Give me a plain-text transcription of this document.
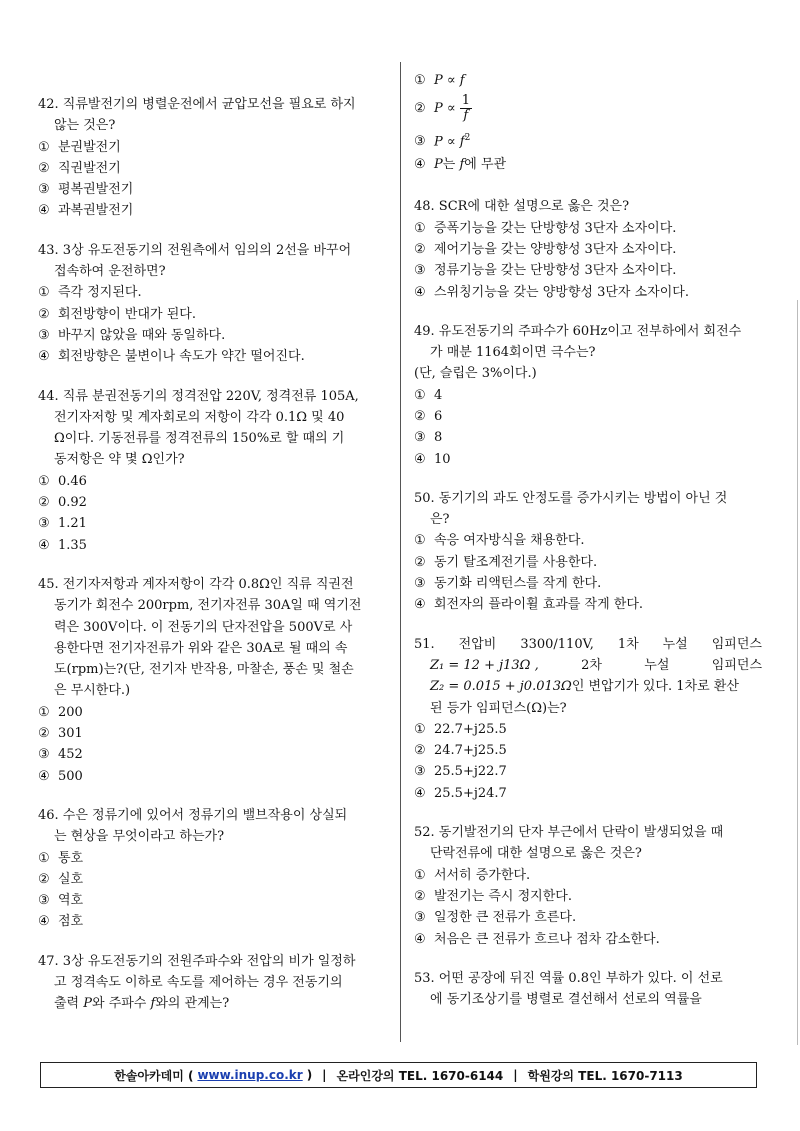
42. 직류발전기의 병렬운전에서 균압모선을 필요로 하지
않는 것은?
① 분권발전기
② 직권발전기
③ 평복권발전기
④ 과복권발전기
43. 3상 유도전동기의 전원측에서 임의의 2선을 바꾸어
접속하여 운전하면?
① 즉각 정지된다.
② 회전방향이 반대가 된다.
③ 바꾸지 않았을 때와 동일하다.
④ 회전방향은 불변이나 속도가 약간 떨어진다.
44. 직류 분권전동기의 정격전압 220V, 정격전류 105A,
전기자저항 및 계자회로의 저항이 각각 0.1Ω 및 40
Ω이다. 기동전류를 정격전류의 150%로 할 때의 기
동저항은 약 몇 Ω인가?
① 0.46
② 0.92
③ 1.21
④ 1.35
45. 전기자저항과 계자저항이 각각 0.8Ω인 직류 직권전
동기가 회전수 200rpm, 전기자전류 30A일 때 역기전
력은 300V이다. 이 전동기의 단자전압을 500V로 사
용한다면 전기자전류가 위와 같은 30A로 될 때의 속
도(rpm)는?(단, 전기자 반작용, 마찰손, 풍손 및 철손
은 무시한다.)
① 200
② 301
③ 452
④ 500
46. 수은 정류기에 있어서 정류기의 밸브작용이 상실되
는 현상을 무엇이라고 하는가?
① 통호
② 실호
③ 역호
④ 점호
47. 3상 유도전동기의 전원주파수와 전압의 비가 일정하
고 정격속도 이하로 속도를 제어하는 경우 전동기의
출력 P와 주파수 f와의 관계는?
① P ∝ f
② $P \propto \frac{1}{f}$
③ $P \propto f^2$
④ P는 f에 무관
48. SCR에 대한 설명으로 옳은 것은?
① 증폭기능을 갖는 단방향성 3단자 소자이다.
② 제어기능을 갖는 양방향성 3단자 소자이다.
③ 정류기능을 갖는 단방향성 3단자 소자이다.
④ 스위칭기능을 갖는 양방향성 3단자 소자이다.
49. 유도전동기의 주파수가 60Hz이고 전부하에서 회전수
가 매분 1164회이면 극수는?
(단, 슬립은 3%이다.)
① 4
② 6
③ 8
④ 10
50. 동기기의 과도 안정도를 증가시키는 방법이 아닌 것
은?
① 속응 여자방식을 채용한다.
② 동기 탈조계전기를 사용한다.
③ 동기화 리액턴스를 작게 한다.
④ 회전자의 플라이휠 효과를 작게 한다.
51. 전압비 3300/110V, 1차 누설 임피던스
Z₁ = 12 + j13Ω ,	2차	누설	임피던스
Z₂ = 0.015 + j0.013Ω인 변압기가 있다. 1차로 환산
된 등가 임피던스(Ω)는?
① 22.7+j25.5
② 24.7+j25.5
③ 25.5+j22.7
④ 25.5+j24.7
52. 동기발전기의 단자 부근에서 단락이 발생되었을 때
단락전류에 대한 설명으로 옳은 것은?
① 서서히 증가한다.
② 발전기는 즉시 정지한다.
③ 일정한 큰 전류가 흐른다.
④ 처음은 큰 전류가 흐르나 점차 감소한다.
53. 어떤 공장에 뒤진 역률 0.8인 부하가 있다. 이 선로
에 동기조상기를 병렬로 결선해서 선로의 역률을
한솔아카데미 ( www.inup.co.kr ) | 온라인강의 TEL. 1670-6144 | 학원강의 TEL. 1670-7113
